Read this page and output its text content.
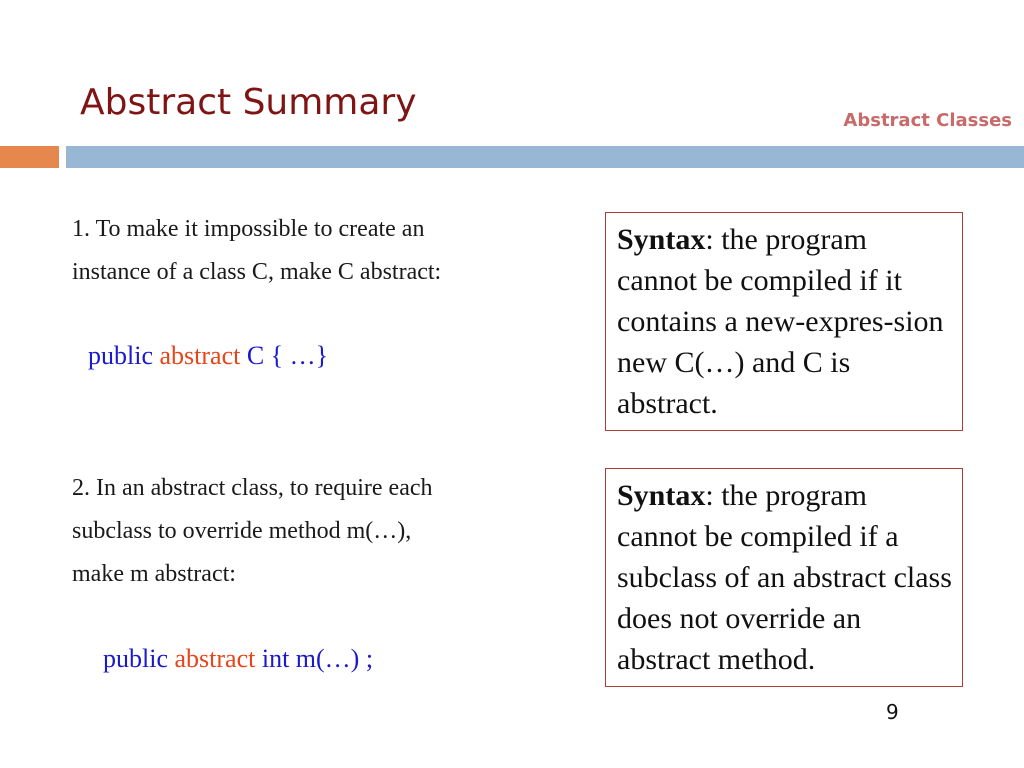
Abstract Summary	Abstract Classes
1. To make it impossible to create an
instance of a class C, make C abstract:
public abstract C { …}
Syntax: the program cannot be compiled if it contains a new-expres-sion new C(…) and C is abstract.
2. In an abstract class, to require each
subclass to override method m(…),
make m abstract:
public abstract int m(…) ;
Syntax: the program cannot be compiled if a subclass of an abstract class does not override an abstract method.
9
